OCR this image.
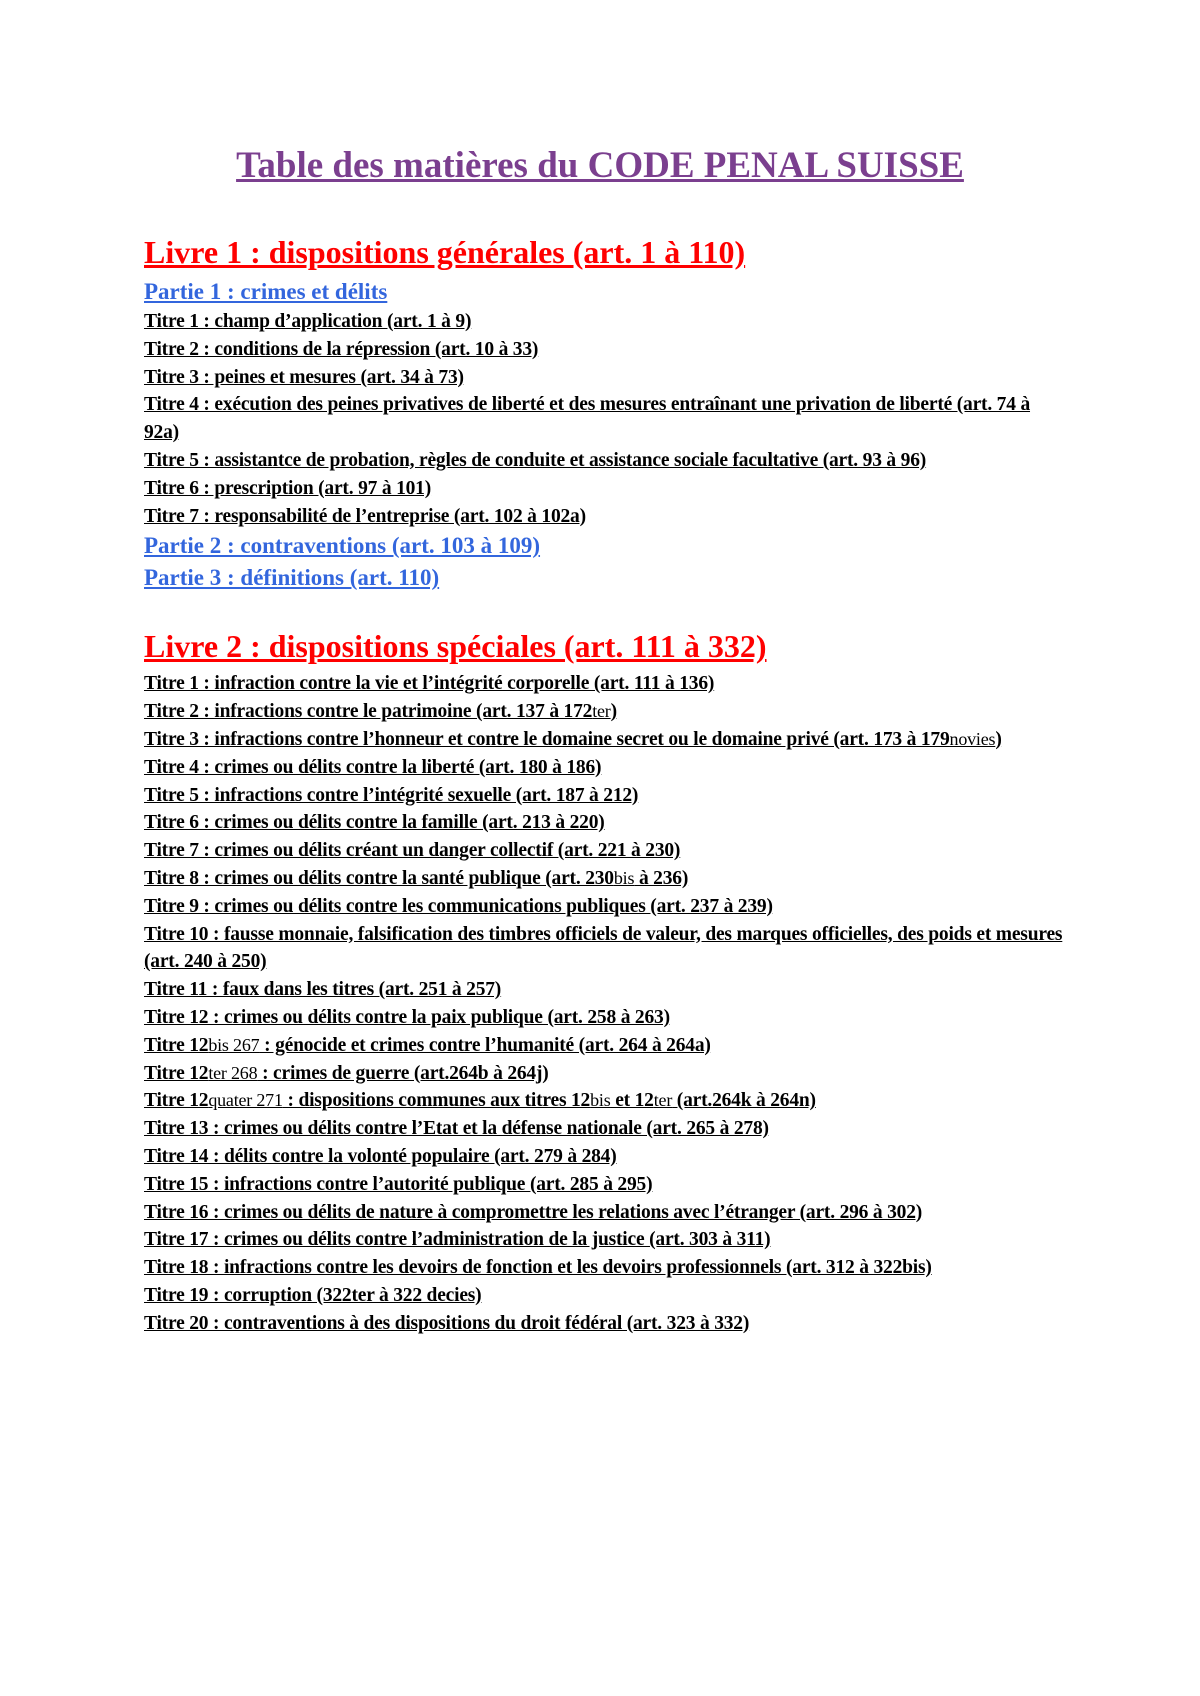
Table des matières du CODE PENAL SUISSE

Livre 1 : dispositions générales (art. 1 à 110)

Partie 1 : crimes et délits

Titre 1 : champ d’application (art. 1 à 9)

Titre 2 : conditions de la répression (art. 10 à 33)

Titre 3 : peines et mesures (art. 34 à 73)

Titre 4 : exécution des peines privatives de liberté et des mesures entraînant une privation de liberté (art. 74 à 92a)

Titre 5 : assistantce de probation, règles de conduite et assistance sociale facultative (art. 93 à 96)

Titre 6 : prescription (art. 97 à 101)

Titre 7 : responsabilité de l’entreprise (art. 102 à 102a)

Partie 2 : contraventions (art. 103 à 109)

Partie 3 : définitions (art. 110)

Livre 2 : dispositions spéciales (art. 111 à 332)

Titre 1 : infraction contre la vie et l’intégrité corporelle (art. 111 à 136)

Titre 2 : infractions contre le patrimoine (art. 137 à 172ter)

Titre 3 : infractions contre l’honneur et contre le domaine secret ou le domaine privé (art. 173 à 179novies)

Titre 4 : crimes ou délits contre la liberté (art. 180 à 186)

Titre 5 : infractions contre l’intégrité sexuelle (art. 187 à 212)

Titre 6 : crimes ou délits contre la famille (art. 213 à 220)

Titre 7 : crimes ou délits créant un danger collectif (art. 221 à 230)

Titre 8 : crimes ou délits contre la santé publique (art. 230bis à 236)

Titre 9 : crimes ou délits contre les communications publiques (art. 237 à 239)

Titre 10 : fausse monnaie, falsification des timbres officiels de valeur, des marques officielles, des poids et mesures (art. 240 à 250)

Titre 11 : faux dans les titres (art. 251 à 257)

Titre 12 : crimes ou délits contre la paix publique (art. 258 à 263)

Titre 12bis 267 : génocide et crimes contre l’humanité (art. 264 à 264a)

Titre 12ter 268 : crimes de guerre (art.264b à 264j)

Titre 12quater 271 : dispositions communes aux titres 12bis et 12ter (art.264k à 264n)

Titre 13 : crimes ou délits contre l’Etat et la défense nationale (art. 265 à 278)

Titre 14 : délits contre la volonté populaire (art. 279 à 284)

Titre 15 : infractions contre l’autorité publique (art. 285 à 295)

Titre 16 : crimes ou délits de nature à compromettre les relations avec l’étranger (art. 296 à 302)

Titre 17 : crimes ou délits contre l’administration de la justice (art. 303 à 311)

Titre 18 : infractions contre les devoirs de fonction et les devoirs professionnels (art. 312 à 322bis)

Titre 19 : corruption (322ter à 322 decies)

Titre 20 : contraventions à des dispositions du droit fédéral (art. 323 à 332)
